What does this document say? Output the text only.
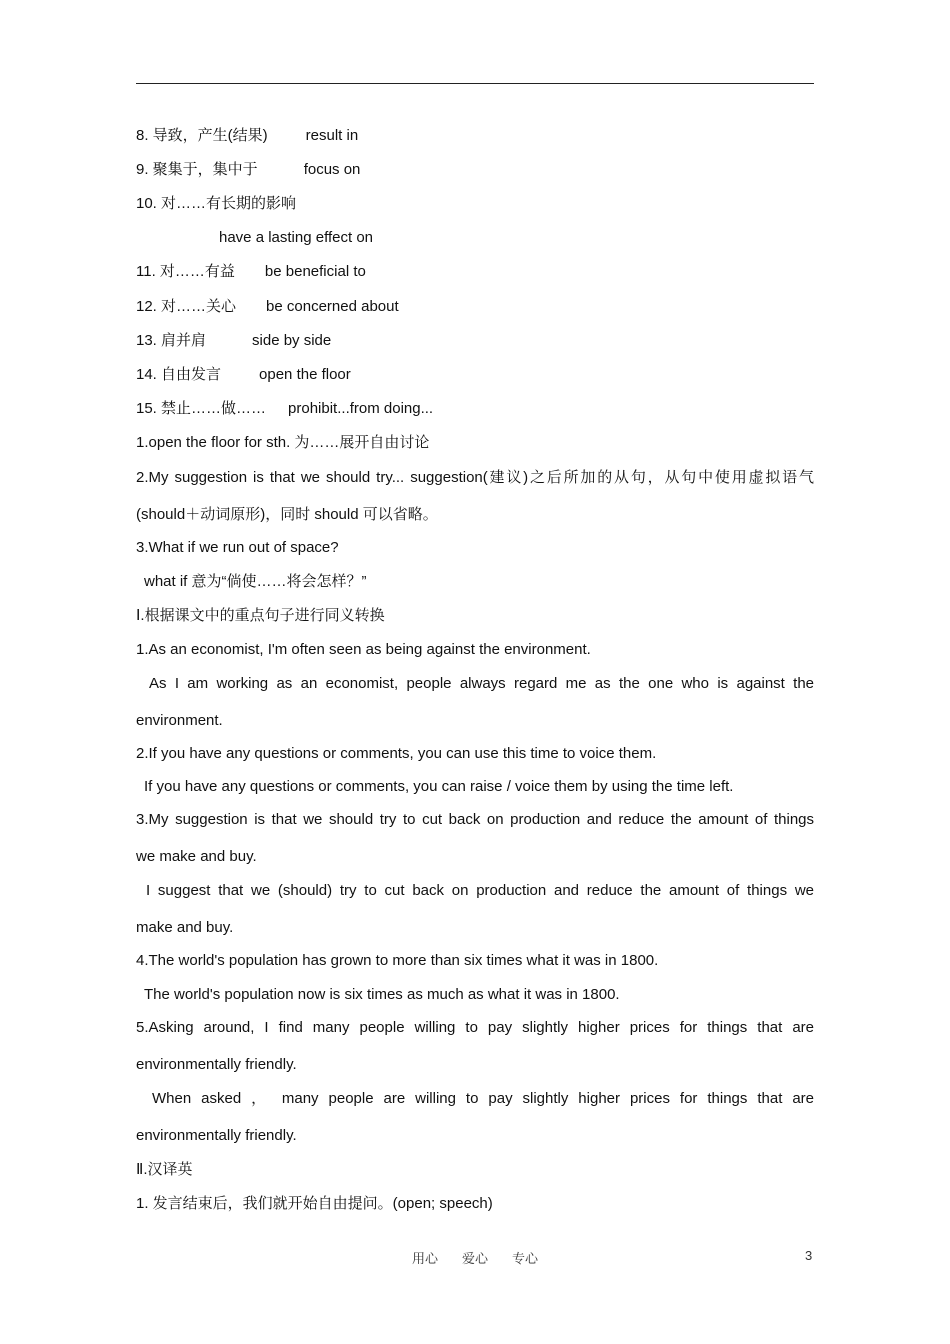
8. 导致，产生(结果)	result in
9. 聚集于，集中于	focus on
10. 对……有长期的影响
have a lasting effect on
11. 对……有益 be beneficial to
12. 对……关心 be concerned about
13. 肩并肩	side by side
14. 自由发言	open the floor
15. 禁止……做…… prohibit...from doing...
1.open the floor for sth. 为……展开自由讨论
2.My suggestion is that we should try... suggestion(建议)之后所加的从句，从句中使用虚拟语气
(should＋动词原形)，同时 should 可以省略。
3.What if we run out of space?
what if 意为“倘使……将会怎样？”
Ⅰ.根据课文中的重点句子进行同义转换
1.As an economist, I'm often seen as being against the environment.
As I am working as an economist, people always regard me as the one who is against the
environment.
2.If you have any questions or comments, you can use this time to voice them.
If you have any questions or comments, you can raise / voice them by using the time left.
3.My suggestion is that we should try to cut back on production and reduce the amount of things
we make and buy.
I suggest that we (should) try to cut back on production and reduce the amount of things we
make and buy.
4.The world's population has grown to more than six times what it was in 1800.
The world's population now is six times as much as what it was in 1800.
5.Asking around, I find many people willing to pay slightly higher prices for things that are
environmentally friendly.
When asked ， many people are willing to pay slightly higher prices for things that are
environmentally friendly.
Ⅱ.汉译英
1. 发言结束后，我们就开始自由提问。(open; speech)
用心 爱心 专心	3
